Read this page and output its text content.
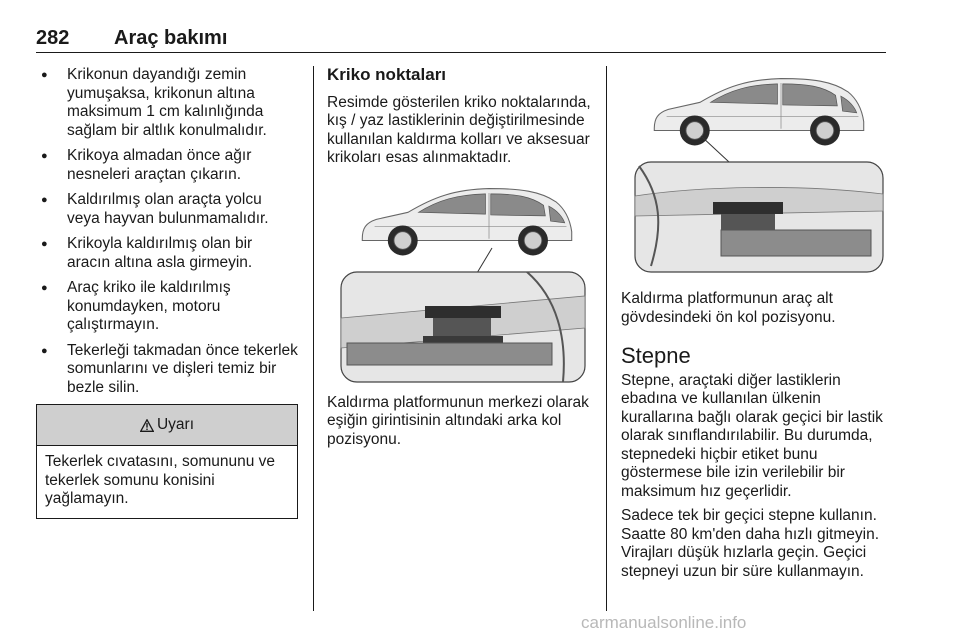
282 Araç bakımı
● Krikonun dayandığı zemin yumuşaksa, krikonun altına maksimum 1 cm kalınlığında sağlam bir altlık konulmalıdır.
● Krikoya almadan önce ağır nesneleri araçtan çıkarın.
● Kaldırılmış olan araçta yolcu veya hayvan bulunmamalıdır.
● Krikoyla kaldırılmış olan bir aracın altına asla girmeyin.
● Araç kriko ile kaldırılmış konumdayken, motoru çalıştırmayın.
● Tekerleği takmadan önce tekerlek somunlarını ve dişleri temiz bir bezle silin.
Uyarı
Tekerlek cıvatasını, somununu ve tekerlek somunu konisini yağlamayın.
Kriko noktaları

Resimde gösterilen kriko noktalarında, kış / yaz lastiklerinin değiştirilmesinde kullanılan kaldırma kolları ve aksesuar krikoları esas alınmaktadır.

Kaldırma platformunun merkezi olarak eşiğin girintisinin altındaki arka kol pozisyonu.

Kaldırma platformunun araç alt gövdesindeki ön kol pozisyonu.

Stepne

Stepne, araçtaki diğer lastiklerin ebadına ve kullanılan ülkenin kurallarına bağlı olarak geçici bir lastik olarak sınıflandırılabilir. Bu durumda, stepnedeki hiçbir etiket bunu göstermese bile izin verilebilir bir maksimum hız geçerlidir.

Sadece tek bir geçici stepne kullanın. Saatte 80 km'den daha hızlı gitmeyin. Virajları düşük hızlarla geçin. Geçici stepneyi uzun bir süre kullanmayın.

carmanualsonline.info
